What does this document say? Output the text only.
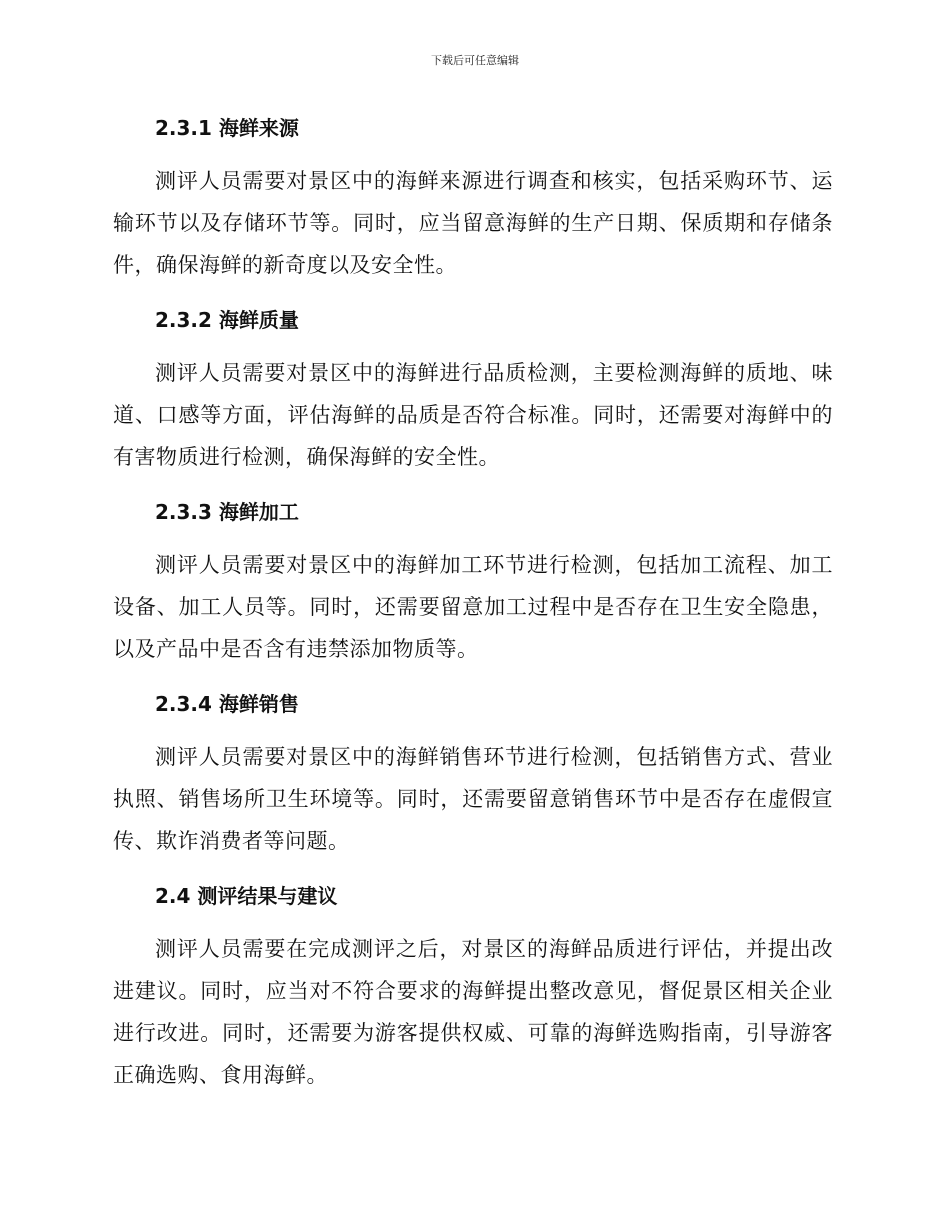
下载后可任意编辑
2.3.1 海鲜来源

测评人员需要对景区中的海鲜来源进行调查和核实，包括采购环节、运输环节以及存储环节等。同时，应当留意海鲜的生产日期、保质期和存储条件，确保海鲜的新奇度以及安全性。

2.3.2 海鲜质量

测评人员需要对景区中的海鲜进行品质检测，主要检测海鲜的质地、味道、口感等方面，评估海鲜的品质是否符合标准。同时，还需要对海鲜中的有害物质进行检测，确保海鲜的安全性。

2.3.3 海鲜加工

测评人员需要对景区中的海鲜加工环节进行检测，包括加工流程、加工设备、加工人员等。同时，还需要留意加工过程中是否存在卫生安全隐患，以及产品中是否含有违禁添加物质等。

2.3.4 海鲜销售

测评人员需要对景区中的海鲜销售环节进行检测，包括销售方式、营业执照、销售场所卫生环境等。同时，还需要留意销售环节中是否存在虚假宣传、欺诈消费者等问题。

2.4 测评结果与建议

测评人员需要在完成测评之后，对景区的海鲜品质进行评估，并提出改进建议。同时，应当对不符合要求的海鲜提出整改意见，督促景区相关企业进行改进。同时，还需要为游客提供权威、可靠的海鲜选购指南，引导游客正确选购、食用海鲜。
